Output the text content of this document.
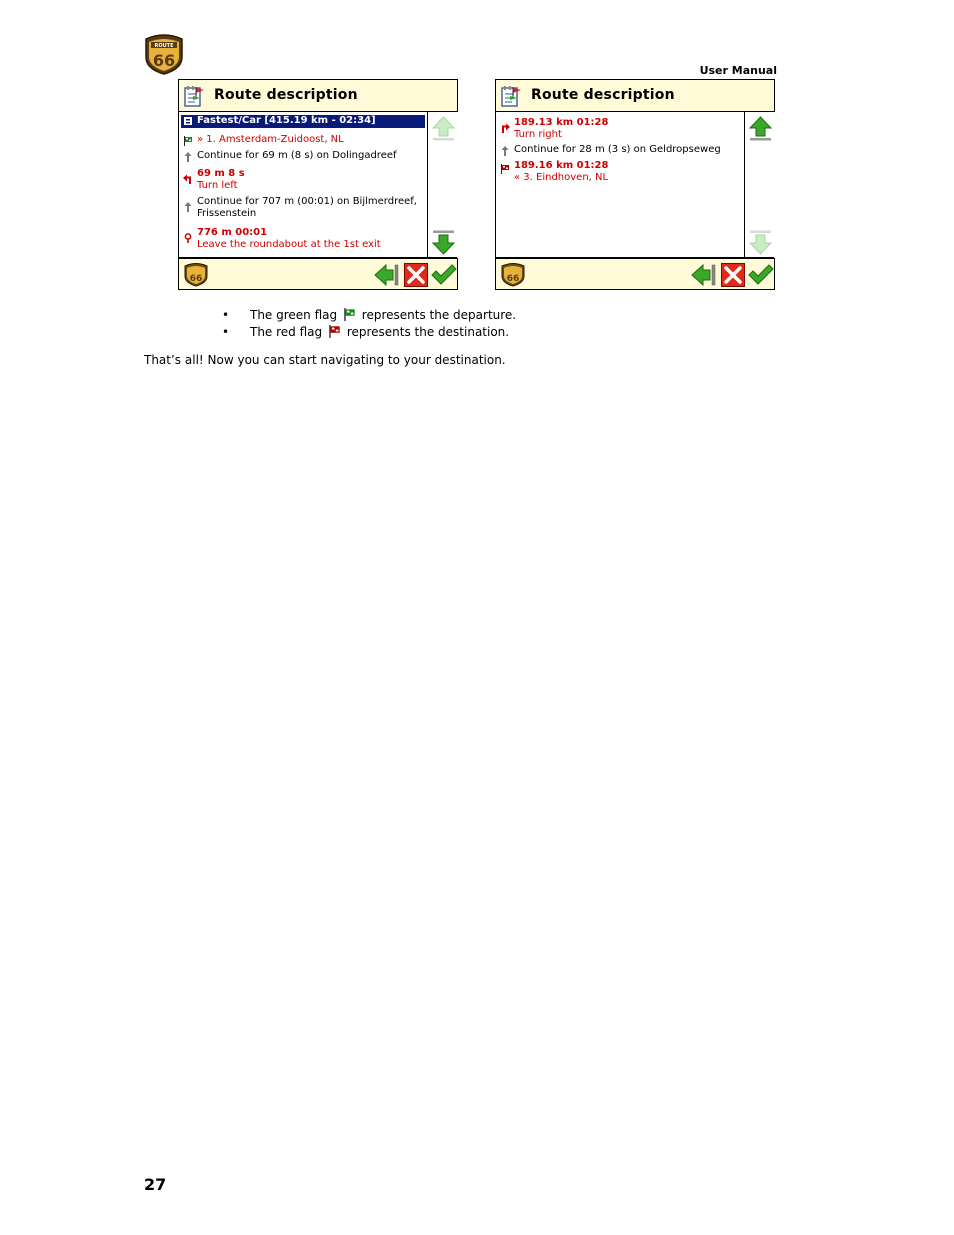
ROUTE
66
User Manual
Route description
Fastest/Car [415.19 km - 02:34]
» 1. Amsterdam-Zuidoost, NL
Continue for 69 m (8 s) on Dolingadreef
69 m 8 s
Turn left
Continue for 707 m (00:01) on Bijlmerdreef,
Frissenstein
776 m 00:01
Leave the roundabout at the 1st exit
66
Route description
189.13 km 01:28
Turn right
Continue for 28 m (3 s) on Geldropseweg
189.16 km 01:28
« 3. Eindhoven, NL
66
• The green flag represents the departure.
• The red flag represents the destination.
That’s all! Now you can start navigating to your destination.
27
